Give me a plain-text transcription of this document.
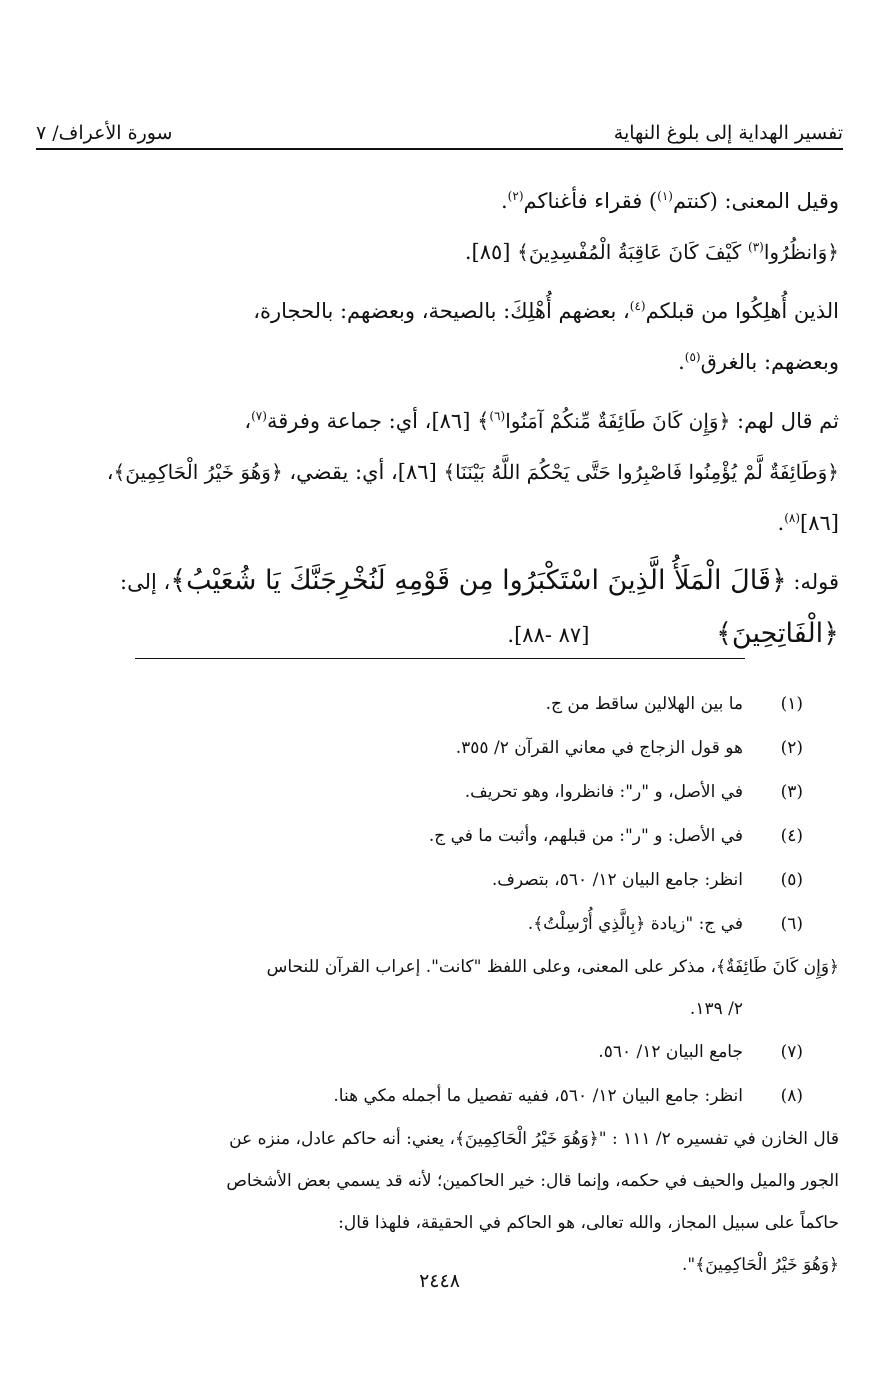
تفسير الهداية إلى بلوغ النهاية
سورة الأعراف/ ٧

وقيل المعنى: (كنتم$^{(١)}$) فقراء فأغناكم$^{(٢)}$.

﴿وَانظُرُوا$^{(٣)}$ كَيْفَ كَانَ عَاقِبَةُ الْمُفْسِدِينَ﴾ [٨٥].

الذين أُهلِكُوا من قبلكم$^{(٤)}$، بعضهم أُهْلِكَ: بالصيحة، وبعضهم: بالحجارة،

وبعضهم: بالغرق$^{(٥)}$.

ثم قال لهم: ﴿وَإِن كَانَ طَائِفَةٌ مِّنكُمْ آمَنُوا$^{(٦)}$﴾ [٨٦]، أي: جماعة وفرقة$^{(٧)}$،

﴿وَطَائِفَةٌ لَّمْ يُؤْمِنُوا فَاصْبِرُوا حَتَّى يَحْكُمَ اللَّهُ بَيْنَنَا﴾ [٨٦]، أي: يقضي، ﴿وَهُوَ خَيْرُ الْحَاكِمِينَ﴾،

[٨٦]$^{(٨)}$.

قوله: ﴿قَالَ الْمَلَأُ الَّذِينَ اسْتَكْبَرُوا مِن قَوْمِهِ لَنُخْرِجَنَّكَ يَا شُعَيْبُ﴾، إلى:

﴿الْفَاتِحِينَ﴾ [٨٧ -٨٨].

(١)
ما بين الهلالين ساقط من ج.
(٢)
هو قول الزجاج في معاني القرآن ٢/ ٣٥٥.
(٣)
في الأصل، و "ر": فانظروا، وهو تحريف.
(٤)
في الأصل: و "ر": من قبلهم، وأثبت ما في ج.
(٥)
انظر: جامع البيان ١٢/ ٥٦٠، بتصرف.
(٦)
في ج: "زيادة ﴿بِالَّذِي أُرْسِلْتُ﴾.
﴿وَإِن كَانَ طَائِفَةٌ﴾، مذكر على المعنى، وعلى اللفظ "كانت". إعراب القرآن للنحاس
٢/ ١٣٩.
(٧)
جامع البيان ١٢/ ٥٦٠.
(٨)
انظر: جامع البيان ١٢/ ٥٦٠، ففيه تفصيل ما أجمله مكي هنا.
قال الخازن في تفسيره ٢/ ١١١ : "﴿وَهُوَ خَيْرُ الْحَاكِمِينَ﴾، يعني: أنه حاكم عادل، منزه عن
الجور والميل والحيف في حكمه، وإنما قال: خير الحاكمين؛ لأنه قد يسمي بعض الأشخاص
حاكماً على سبيل المجاز، والله تعالى، هو الحاكم في الحقيقة، فلهذا قال:
﴿وَهُوَ خَيْرُ الْحَاكِمِينَ﴾".
٢٤٤٨
